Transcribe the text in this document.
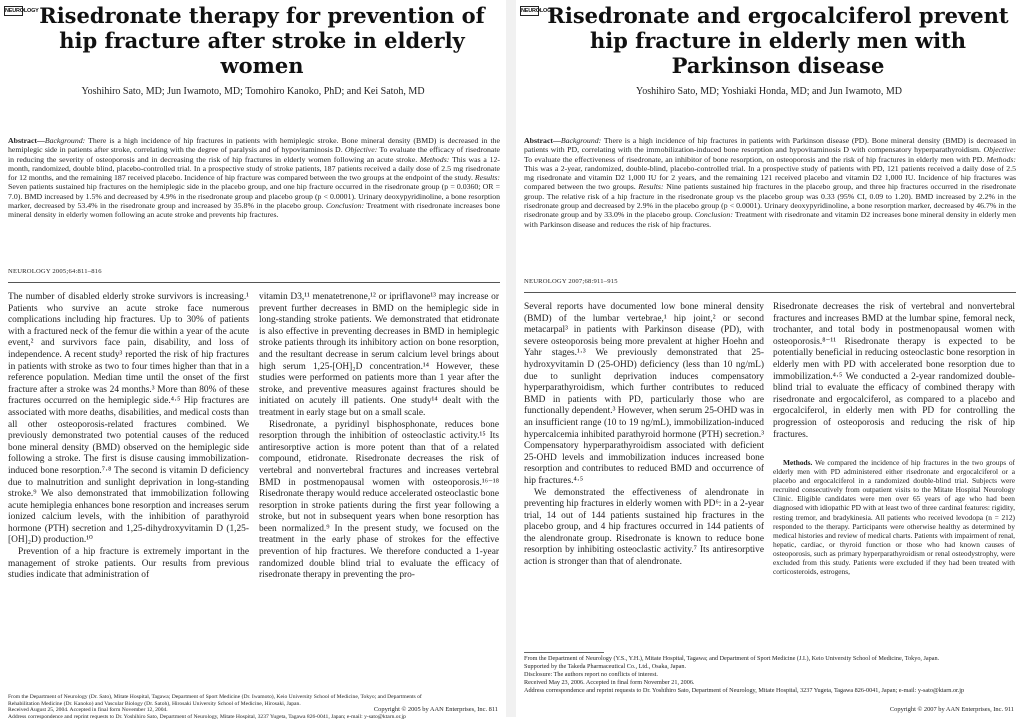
NEUROLOGY Risedronate therapy for prevention of hip fracture after stroke in elderly women
Yoshihiro Sato, MD; Jun Iwamoto, MD; Tomohiro Kanoko, PhD; and Kei Satoh, MD
Abstract—Background: There is a high incidence of hip fractures in patients with hemiplegic stroke. Bone mineral density (BMD) is decreased in the hemiplegic side in patients after stroke, correlating with the degree of paralysis and of hypovitaminosis D. Objective: To evaluate the efficacy of risedronate in reducing the severity of osteoporosis and in decreasing the risk of hip fractures in elderly women following an acute stroke. Methods: This was a 12-month, randomized, double blind, placebo-controlled trial. In a prospective study of stroke patients, 187 patients received a daily dose of 2.5 mg risedronate for 12 months, and the remaining 187 received placebo. Incidence of hip fracture was compared between the two groups at the endpoint of the study. Results: Seven patients sustained hip fractures on the hemiplegic side in the placebo group, and one hip fracture occurred in the risedronate group (p = 0.0360; OR = 7.0). BMD increased by 1.5% and decreased by 4.9% in the risedronate group and placebo group (p < 0.0001). Urinary deoxypyridinoline, a bone resorption marker, decreased by 53.4% in the risedronate group and increased by 35.8% in the placebo group. Conclusion: Treatment with risedronate increases bone mineral density in elderly women following an acute stroke and prevents hip fractures.
NEUROLOGY 2005;64:811–816

The number of disabled elderly stroke survivors is increasing.¹ Patients who survive an acute stroke face numerous complications including hip fractures. Up to 30% of patients with a fractured neck of the femur die within a year of the acute event,² and survivors face pain, disability, and loss of independence. A recent study³ reported the risk of hip fractures in patients with stroke as two to four times higher than that in a reference population. Median time until the onset of the first fracture after a stroke was 24 months.³ More than 80% of these fractures occurred on the hemiplegic side.⁴·⁵ Hip fractures are associated with more deaths, disabilities, and medical costs than all other osteoporosis-related fractures combined. We previously demonstrated two potential causes of the reduced bone mineral density (BMD) observed on the hemiplegic side following a stroke. The first is disuse causing immobilization-induced bone resorption.⁷·⁸ The second is vitamin D deficiency due to malnutrition and sunlight deprivation in long-standing stroke.⁹ We also demonstrated that immobilization following acute hemiplegia enhances bone resorption and increases serum ionized calcium levels, with the inhibition of parathyroid hormone (PTH) secretion and 1,25-dihydroxyvitamin D (1,25-[OH]₂D) production.¹⁰

Prevention of a hip fracture is extremely important in the management of stroke patients. Our results from previous studies indicate that administration of

vitamin D3,¹¹ menatetrenone,¹² or ipriflavone¹³ may increase or prevent further decreases in BMD on the hemiplegic side in long-standing stroke patients. We demonstrated that etidronate is also effective in preventing decreases in BMD in hemiplegic stroke patients through its inhibitory action on bone resorption, and the resultant decrease in serum calcium level brings about high serum 1,25-[OH]₂D concentration.¹⁴ However, these studies were performed on patients more than 1 year after the stroke, and preventive measures against fractures should be initiated on acutely ill patients. One study¹⁴ dealt with the treatment in early stage but on a small scale.

Risedronate, a pyridinyl bisphosphonate, reduces bone resorption through the inhibition of osteoclastic activity.¹⁵ Its antiresorptive action is more potent than that of a related compound, etidronate. Risedronate decreases the risk of vertebral and nonvertebral fractures and increases vertebral BMD in postmenopausal women with osteoporosis.¹⁶⁻¹⁸ Risedronate therapy would reduce accelerated osteoclastic bone resorption in stroke patients during the first year following a stroke, but not in subsequent years when bone resorption has been normalized.⁹ In the present study, we focused on the treatment in the early phase of strokes for the effective prevention of hip fractures. We therefore conducted a 1-year randomized double blind trial to evaluate the efficacy of risedronate therapy in preventing the pro-

From the Department of Neurology (Dr. Sato), Mitate Hospital, Tagawa; Department of Sport Medicine (Dr. Iwamoto), Keio University School of Medicine, Tokyo; and Departments of Rehabilitation Medicine (Dr. Kanoko) and Vascular Biology (Dr. Satoh), Hirosaki University School of Medicine, Hirosaki, Japan.
Received August 25, 2004. Accepted in final form November 12, 2004.
Address correspondence and reprint requests to Dr. Yoshihiro Sato, Department of Neurology, Mitate Hospital, 3237 Yugeta, Tagawa 826-0041, Japan; e-mail: y-sato@ktarn.or.jp
Copyright © 2005 by AAN Enterprises, Inc. 811
NEUROLOGY
Risedronate and ergocalciferol prevent hip fracture in elderly men with Parkinson disease
Yoshihiro Sato, MD; Yoshiaki Honda, MD; and Jun Iwamoto, MD
Abstract—Background: There is a high incidence of hip fractures in patients with Parkinson disease (PD). Bone mineral density (BMD) is decreased in patients with PD, correlating with the immobilization-induced bone resorption and hypovitaminosis D with compensatory hyperparathyroidism. Objective: To evaluate the effectiveness of risedronate, an inhibitor of bone resorption, on osteoporosis and the risk of hip fractures in elderly men with PD. Methods: This was a 2-year, randomized, double-blind, placebo-controlled trial. In a prospective study of patients with PD, 121 patients received a daily dose of 2.5 mg risedronate and vitamin D2 1,000 IU for 2 years, and the remaining 121 received placebo and vitamin D2 1,000 IU. Incidence of hip fractures was compared between the two groups. Results: Nine patients sustained hip fractures in the placebo group, and three hip fractures occurred in the risedronate group. The relative risk of a hip fracture in the risedronate group vs the placebo group was 0.33 (95% CI, 0.09 to 1.20). BMD increased by 2.2% in the risedronate group and decreased by 2.9% in the placebo group (p < 0.0001). Urinary deoxypyridinoline, a bone resorption marker, decreased by 46.7% in the risedronate group and by 33.0% in the placebo group. Conclusion: Treatment with risedronate and vitamin D2 increases bone mineral density in elderly men with Parkinson disease and reduces the risk of hip fractures.
NEUROLOGY 2007;68:911–915

Several reports have documented low bone mineral density (BMD) of the lumbar vertebrae,¹ hip joint,² or second metacarpal³ in patients with Parkinson disease (PD), with severe osteoporosis being more prevalent at higher Hoehn and Yahr stages.¹·³ We previously demonstrated that 25-hydroxyvitamin D (25-OHD) deficiency (less than 10 ng/mL) due to sunlight deprivation induces compensatory hyperparathyroidism, which further contributes to reduced BMD in patients with PD, particularly those who are functionally dependent.³ However, when serum 25-OHD was in an insufficient range (10 to 19 ng/mL), immobilization-induced hypercalcemia inhibited parathyroid hormone (PTH) secretion.³ Compensatory hyperparathyroidism associated with deficient 25-OHD levels and immobilization induces increased bone resorption and contributes to reduced BMD and occurrence of hip fractures.⁴·⁵

We demonstrated the effectiveness of alendronate in preventing hip fractures in elderly women with PD⁶: in a 2-year trial, 14 out of 144 patients sustained hip fractures in the placebo group, and 4 hip fractures occurred in 144 patients of the alendronate group. Risedronate is known to reduce bone resorption by inhibiting osteoclastic activity.⁷ Its antiresorptive action is stronger than that of alendronate.

Risedronate decreases the risk of vertebral and nonvertebral fractures and increases BMD at the lumbar spine, femoral neck, trochanter, and total body in postmenopausal women with osteoporosis.⁸⁻¹¹ Risedronate therapy is expected to be potentially beneficial in reducing osteoclastic bone resorption in elderly men with PD with accelerated bone resorption due to immobilization.⁴·⁵ We conducted a 2-year randomized double-blind trial to evaluate the efficacy of combined therapy with risedronate and ergocalciferol, as compared to a placebo and ergocalciferol, in elderly men with PD for controlling the progression of osteoporosis and reducing the risk of hip fractures.

Methods. We compared the incidence of hip fractures in the two groups of elderly men with PD administered either risedronate and ergocalciferol or a placebo and ergocalciferol in a randomized double-blind trial. Subjects were recruited consecutively from outpatient visits to the Mitate Hospital Neurology Clinic. Eligible candidates were men over 65 years of age who had been diagnosed with idiopathic PD with at least two of three cardinal features: rigidity, resting tremor, and bradykinesia. All patients who received levodopa (n = 212) responded to the therapy. Participants were otherwise healthy as determined by medical histories and review of medical charts. Patients with impairment of renal, hepatic, cardiac, or thyroid function or those who had known causes of osteoporosis, such as primary hyperparathyroidism or renal osteodystrophy, were excluded from this study. Patients were excluded if they had been treated with corticosteroids, estrogens,

From the Department of Neurology (Y.S., Y.H.), Mitate Hospital, Tagawa; and Department of Sport Medicine (J.I.), Keio University School of Medicine, Tokyo, Japan.
Supported by the Takeda Pharmaceutical Co., Ltd., Osaka, Japan.
Disclosure: The authors report no conflicts of interest.
Received May 23, 2006. Accepted in final form November 21, 2006.
Address correspondence and reprint requests to Dr. Yoshihiro Sato, Department of Neurology, Mitate Hospital, 3237 Yugeta, Tagawa 826-0041, Japan; e-mail: y-sato@ktarn.or.jp
Copyright © 2007 by AAN Enterprises, Inc. 911
